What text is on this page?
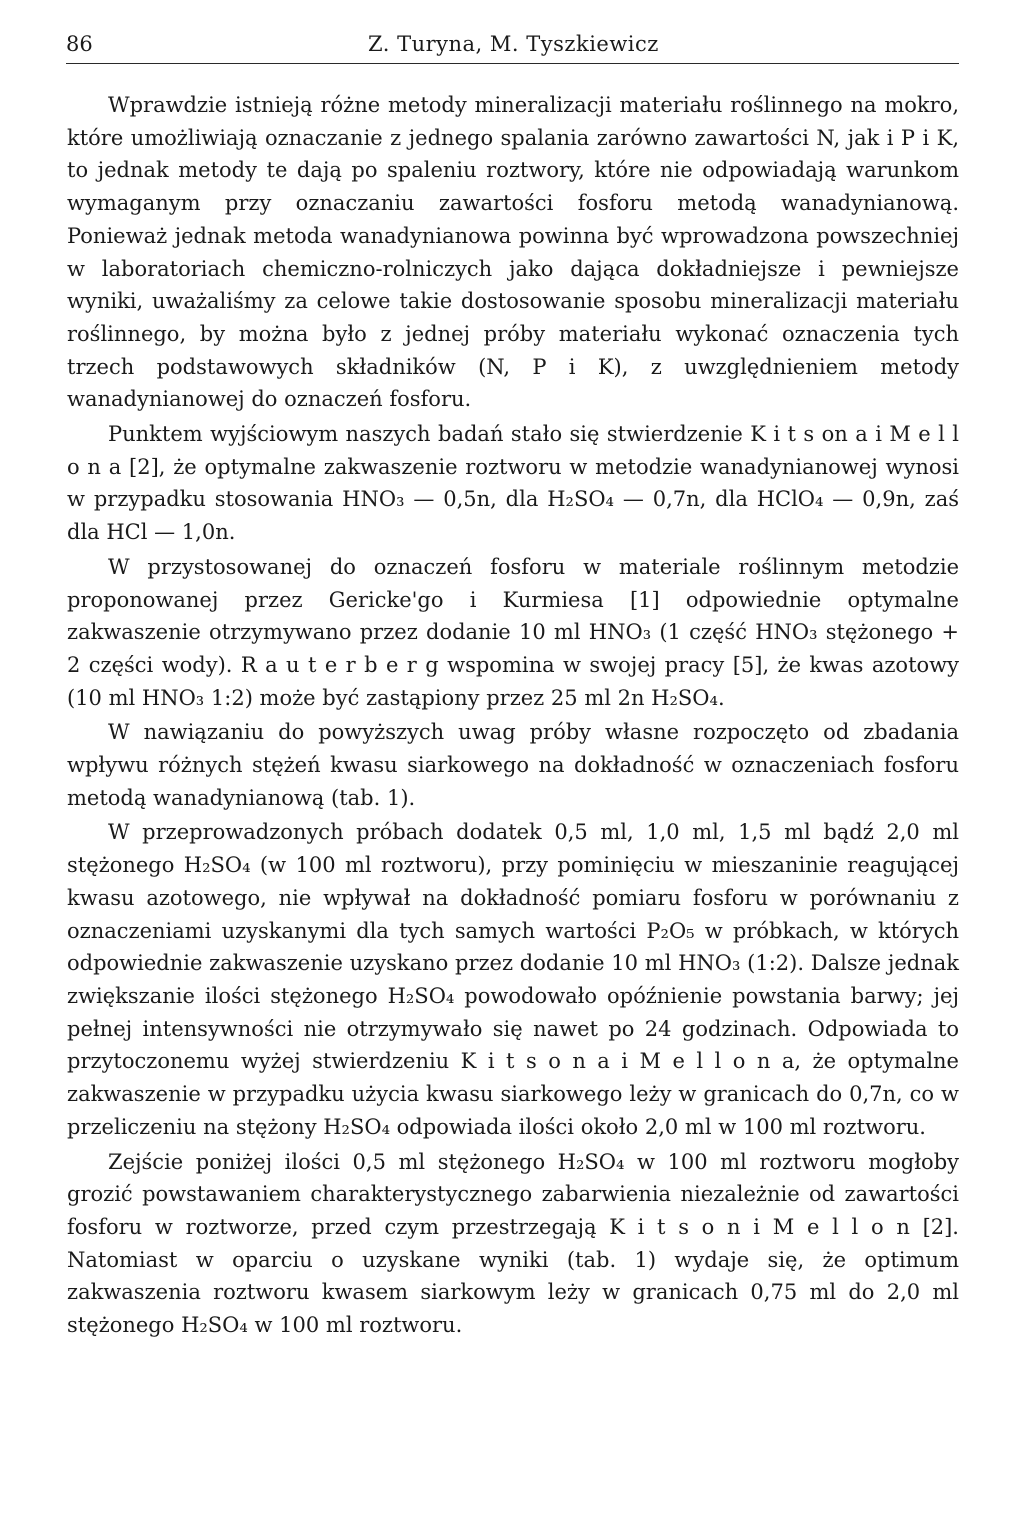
86	Z. Turyna, M. Tyszkiewicz

Wprawdzie istnieją różne metody mineralizacji materiału roślinnego na mokro, które umożliwiają oznaczanie z jednego spalania zarówno zawartości N, jak i P i K, to jednak metody te dają po spaleniu roztwory, które nie odpowiadają warunkom wymaganym przy oznaczaniu zawartości fosforu metodą wanadynianową. Ponieważ jednak metoda wanadynianowa powinna być wprowadzona powszechniej w laboratoriach chemiczno-rolniczych jako dająca dokładniejsze i pewniejsze wyniki, uważaliśmy za celowe takie dostosowanie sposobu mineralizacji materiału roślinnego, by można było z jednej próby materiału wykonać oznaczenia tych trzech podstawowych składników (N, P i K), z uwzględnieniem metody wanadynianowej do oznaczeń fosforu.

Punktem wyjściowym naszych badań stało się stwierdzenie K i t s on a i M e l l o n a [2], że optymalne zakwaszenie roztworu w metodzie wanadynianowej wynosi w przypadku stosowania HNO₃ — 0,5n, dla H₂SO₄ — 0,7n, dla HClO₄ — 0,9n, zaś dla HCl — 1,0n.

W przystosowanej do oznaczeń fosforu w materiale roślinnym metodzie proponowanej przez Gericke'go i Kurmiesa [1] odpowiednie optymalne zakwaszenie otrzymywano przez dodanie 10 ml HNO₃ (1 część HNO₃ stężonego + 2 części wody). R a u t e r b e r g wspomina w swojej pracy [5], że kwas azotowy (10 ml HNO₃ 1:2) może być zastąpiony przez 25 ml 2n H₂SO₄.

W nawiązaniu do powyższych uwag próby własne rozpoczęto od zbadania wpływu różnych stężeń kwasu siarkowego na dokładność w oznaczeniach fosforu metodą wanadynianową (tab. 1).

W przeprowadzonych próbach dodatek 0,5 ml, 1,0 ml, 1,5 ml bądź 2,0 ml stężonego H₂SO₄ (w 100 ml roztworu), przy pominięciu w mieszaninie reagującej kwasu azotowego, nie wpływał na dokładność pomiaru fosforu w porównaniu z oznaczeniami uzyskanymi dla tych samych wartości P₂O₅ w próbkach, w których odpowiednie zakwaszenie uzyskano przez dodanie 10 ml HNO₃ (1:2). Dalsze jednak zwiększanie ilości stężonego H₂SO₄ powodowało opóźnienie powstania barwy; jej pełnej intensywności nie otrzymywało się nawet po 24 godzinach. Odpowiada to przytoczonemu wyżej stwierdzeniu K i t s o n a i M e l l o n a, że optymalne zakwaszenie w przypadku użycia kwasu siarkowego leży w granicach do 0,7n, co w przeliczeniu na stężony H₂SO₄ odpowiada ilości około 2,0 ml w 100 ml roztworu.

Zejście poniżej ilości 0,5 ml stężonego H₂SO₄ w 100 ml roztworu mogłoby grozić powstawaniem charakterystycznego zabarwienia niezależnie od zawartości fosforu w roztworze, przed czym przestrzegają K i t s o n i M e l l o n [2]. Natomiast w oparciu o uzyskane wyniki (tab. 1) wydaje się, że optimum zakwaszenia roztworu kwasem siarkowym leży w granicach 0,75 ml do 2,0 ml stężonego H₂SO₄ w 100 ml roztworu.
